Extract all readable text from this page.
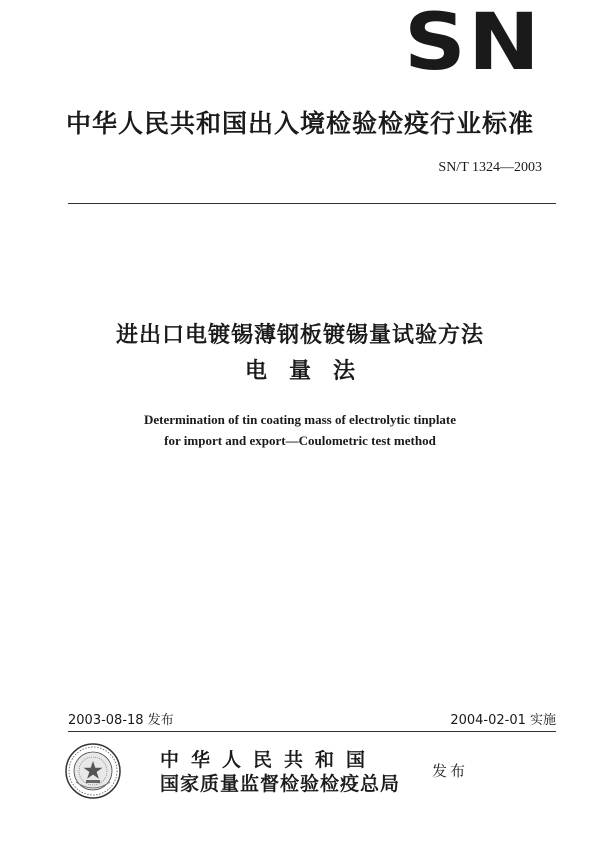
SN
中华人民共和国出入境检验检疫行业标准
SN/T 1324—2003
进出口电镀锡薄钢板镀锡量试验方法
电量法
Determination of tin coating mass of electrolytic tinplate
for import and export—Coulometric test method
2003-08-18 发布	2004-02-01 实施
中华人民共和国
国家质量监督检验检疫总局
发布
